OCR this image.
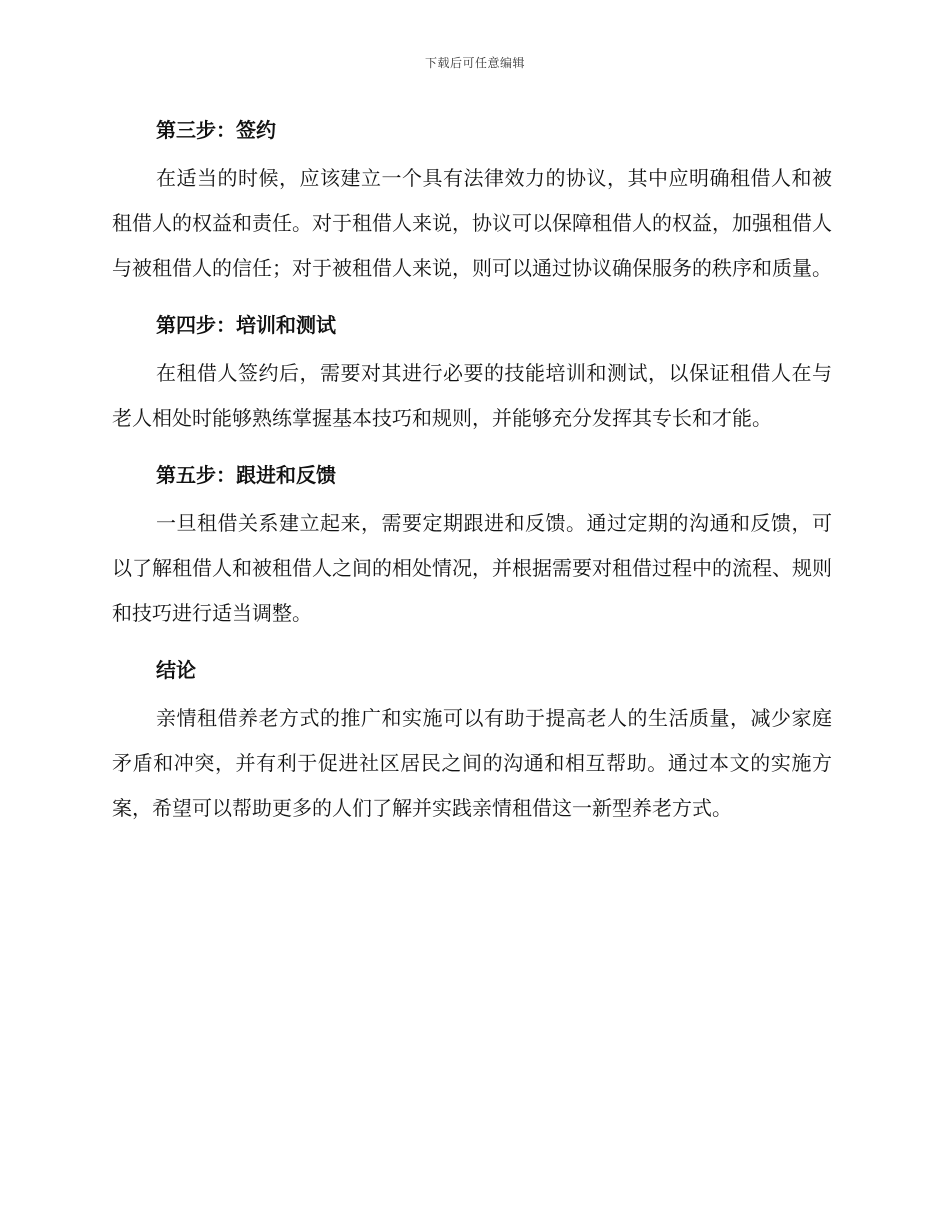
下载后可任意编辑
第三步：签约

在适当的时候，应该建立一个具有法律效力的协议，其中应明确租借人和被租借人的权益和责任。对于租借人来说，协议可以保障租借人的权益，加强租借人与被租借人的信任；对于被租借人来说，则可以通过协议确保服务的秩序和质量。

第四步：培训和测试

在租借人签约后，需要对其进行必要的技能培训和测试，以保证租借人在与老人相处时能够熟练掌握基本技巧和规则，并能够充分发挥其专长和才能。

第五步：跟进和反馈

一旦租借关系建立起来，需要定期跟进和反馈。通过定期的沟通和反馈，可以了解租借人和被租借人之间的相处情况，并根据需要对租借过程中的流程、规则和技巧进行适当调整。

结论

亲情租借养老方式的推广和实施可以有助于提高老人的生活质量，减少家庭矛盾和冲突，并有利于促进社区居民之间的沟通和相互帮助。通过本文的实施方案，希望可以帮助更多的人们了解并实践亲情租借这一新型养老方式。
